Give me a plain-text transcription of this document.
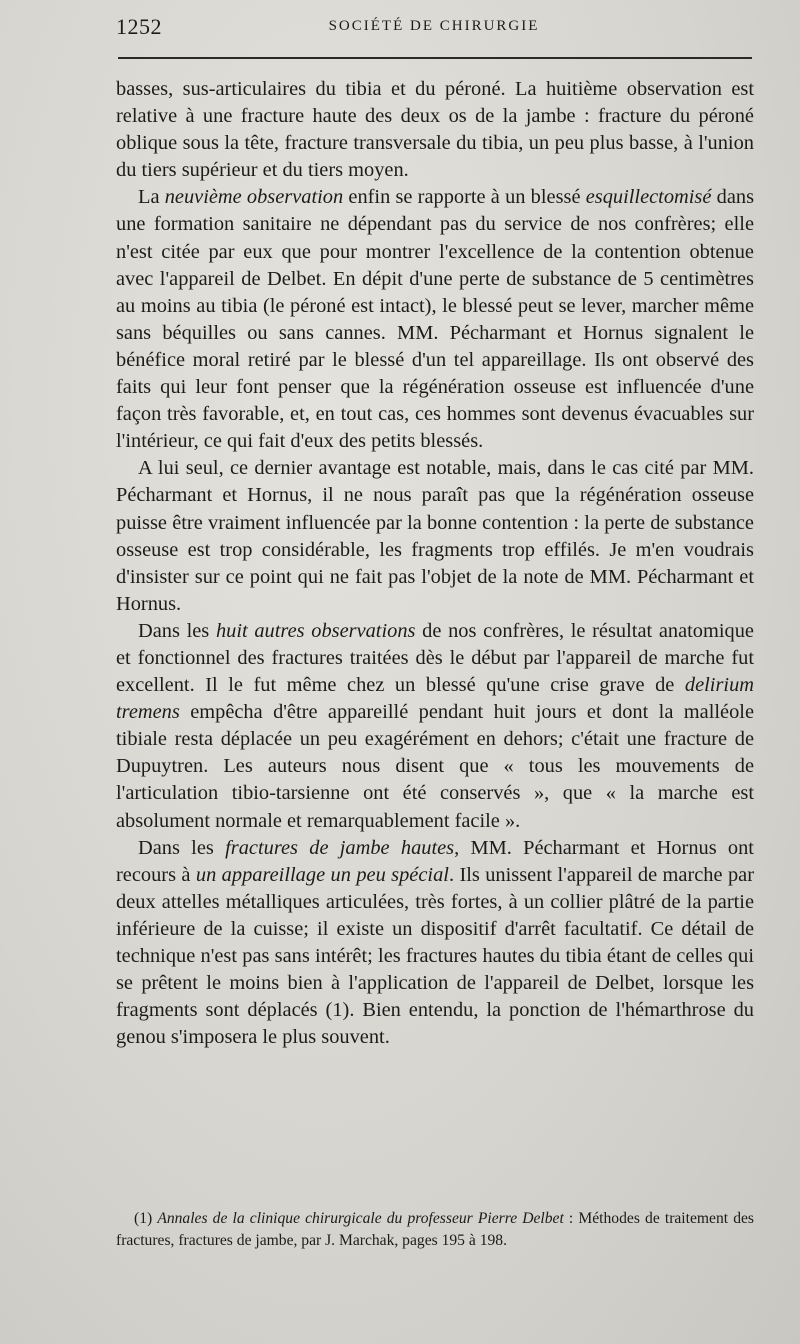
1252	SOCIÉTÉ DE CHIRURGIE

basses, sus-articulaires du tibia et du péroné. La huitième observation est relative à une fracture haute des deux os de la jambe : fracture du péroné oblique sous la tête, fracture transversale du tibia, un peu plus basse, à l'union du tiers supérieur et du tiers moyen.

La neuvième observation enfin se rapporte à un blessé esquillectomisé dans une formation sanitaire ne dépendant pas du service de nos confrères; elle n'est citée par eux que pour montrer l'excellence de la contention obtenue avec l'appareil de Delbet. En dépit d'une perte de substance de 5 centimètres au moins au tibia (le péroné est intact), le blessé peut se lever, marcher même sans béquilles ou sans cannes. MM. Pécharmant et Hornus signalent le bénéfice moral retiré par le blessé d'un tel appareillage. Ils ont observé des faits qui leur font penser que la régénération osseuse est influencée d'une façon très favorable, et, en tout cas, ces hommes sont devenus évacuables sur l'intérieur, ce qui fait d'eux des petits blessés.

A lui seul, ce dernier avantage est notable, mais, dans le cas cité par MM. Pécharmant et Hornus, il ne nous paraît pas que la régénération osseuse puisse être vraiment influencée par la bonne contention : la perte de substance osseuse est trop considérable, les fragments trop effilés. Je m'en voudrais d'insister sur ce point qui ne fait pas l'objet de la note de MM. Pécharmant et Hornus.

Dans les huit autres observations de nos confrères, le résultat anatomique et fonctionnel des fractures traitées dès le début par l'appareil de marche fut excellent. Il le fut même chez un blessé qu'une crise grave de delirium tremens empêcha d'être appareillé pendant huit jours et dont la malléole tibiale resta déplacée un peu exagérément en dehors; c'était une fracture de Dupuytren. Les auteurs nous disent que « tous les mouvements de l'articulation tibio-tarsienne ont été conservés », que « la marche est absolument normale et remarquablement facile ».

Dans les fractures de jambe hautes, MM. Pécharmant et Hornus ont recours à un appareillage un peu spécial. Ils unissent l'appareil de marche par deux attelles métalliques articulées, très fortes, à un collier plâtré de la partie inférieure de la cuisse; il existe un dispositif d'arrêt facultatif. Ce détail de technique n'est pas sans intérêt; les fractures hautes du tibia étant de celles qui se prêtent le moins bien à l'application de l'appareil de Delbet, lorsque les fragments sont déplacés (1). Bien entendu, la ponction de l'hémarthrose du genou s'imposera le plus souvent.

(1) Annales de la clinique chirurgicale du professeur Pierre Delbet : Méthodes de traitement des fractures, fractures de jambe, par J. Marchak, pages 195 à 198.
